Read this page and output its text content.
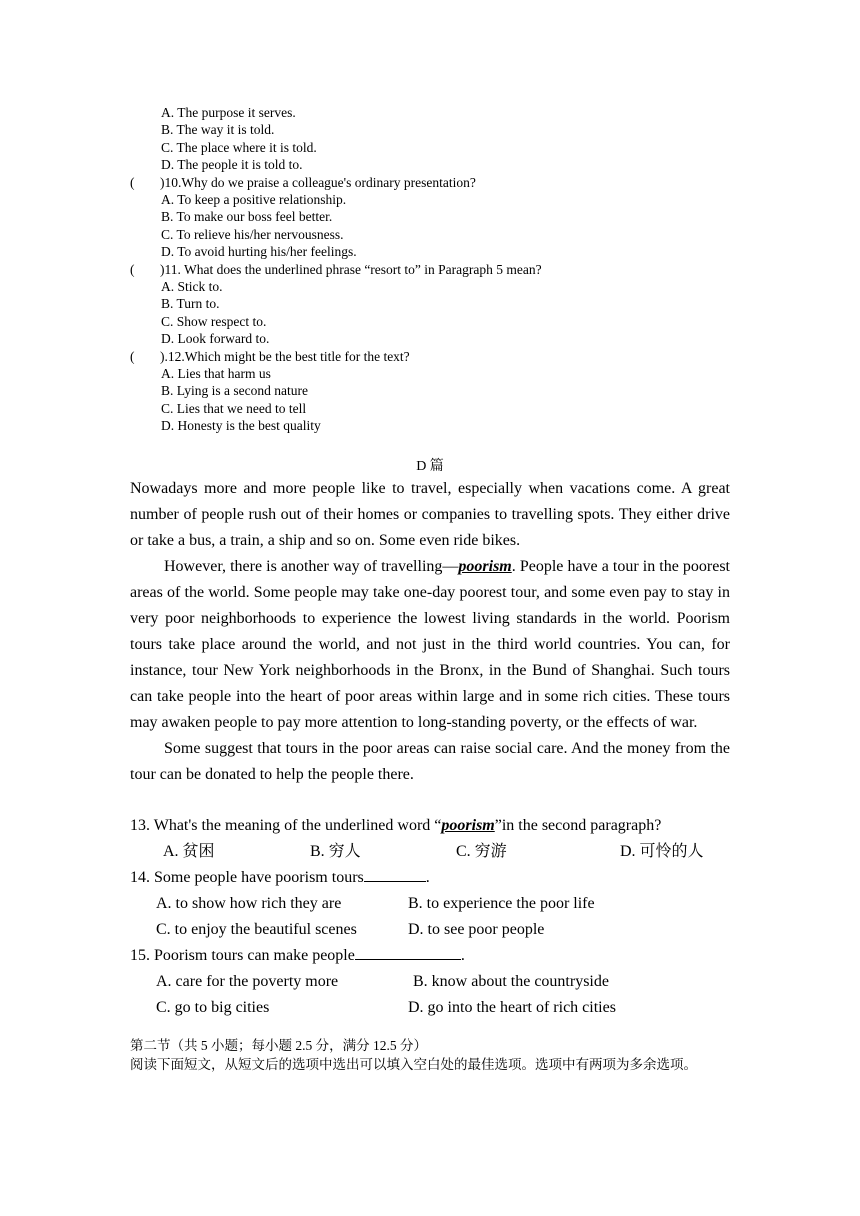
A. The purpose it serves.
B. The way it is told.
C. The place where it is told.
D. The people it is told to.
( )10.Why do we praise a colleague's ordinary presentation?
A. To keep a positive relationship.
B. To make our boss feel better.
C. To relieve his/her nervousness.
D. To avoid hurting his/her feelings.
( )11. What does the underlined phrase “resort to” in Paragraph 5 mean?
A. Stick to.
B. Turn to.
C. Show respect to.
D. Look forward to.
( ).12.Which might be the best title for the text?
A. Lies that harm us
B. Lying is a second nature
C. Lies that we need to tell
D. Honesty is the best quality
D 篇

Nowadays more and more people like to travel, especially when vacations come. A great number of people rush out of their homes or companies to travelling spots. They either drive or take a bus, a train, a ship and so on. Some even ride bikes.

However, there is another way of travelling—poorism. People have a tour in the poorest areas of the world. Some people may take one-day poorest tour, and some even pay to stay in very poor neighborhoods to experience the lowest living standards in the world. Poorism tours take place around the world, and not just in the third world countries. You can, for instance, tour New York neighborhoods in the Bronx, in the Bund of Shanghai. Such tours can take people into the heart of poor areas within large and in some rich cities. These tours may awaken people to pay more attention to long-standing poverty, or the effects of war.

Some suggest that tours in the poor areas can raise social care. And the money from the tour can be donated to help the people there.

13. What's the meaning of the underlined word “poorism”in the second paragraph?
A. 贫困	B. 穷人	C. 穷游	D. 可怜的人
14. Some people have poorism tours	.
A. to show how rich they are	B. to experience the poor life
C. to enjoy the beautiful scenes	D. to see poor people
15. Poorism tours can make people	.
A. care for the poverty more	B. know about the countryside
C. go to big cities	D. go into the heart of rich cities

第二节（共 5 小题；每小题 2.5 分，满分 12.5 分）

阅读下面短文，从短文后的选项中选出可以填入空白处的最佳选项。选项中有两项为多余选项。
